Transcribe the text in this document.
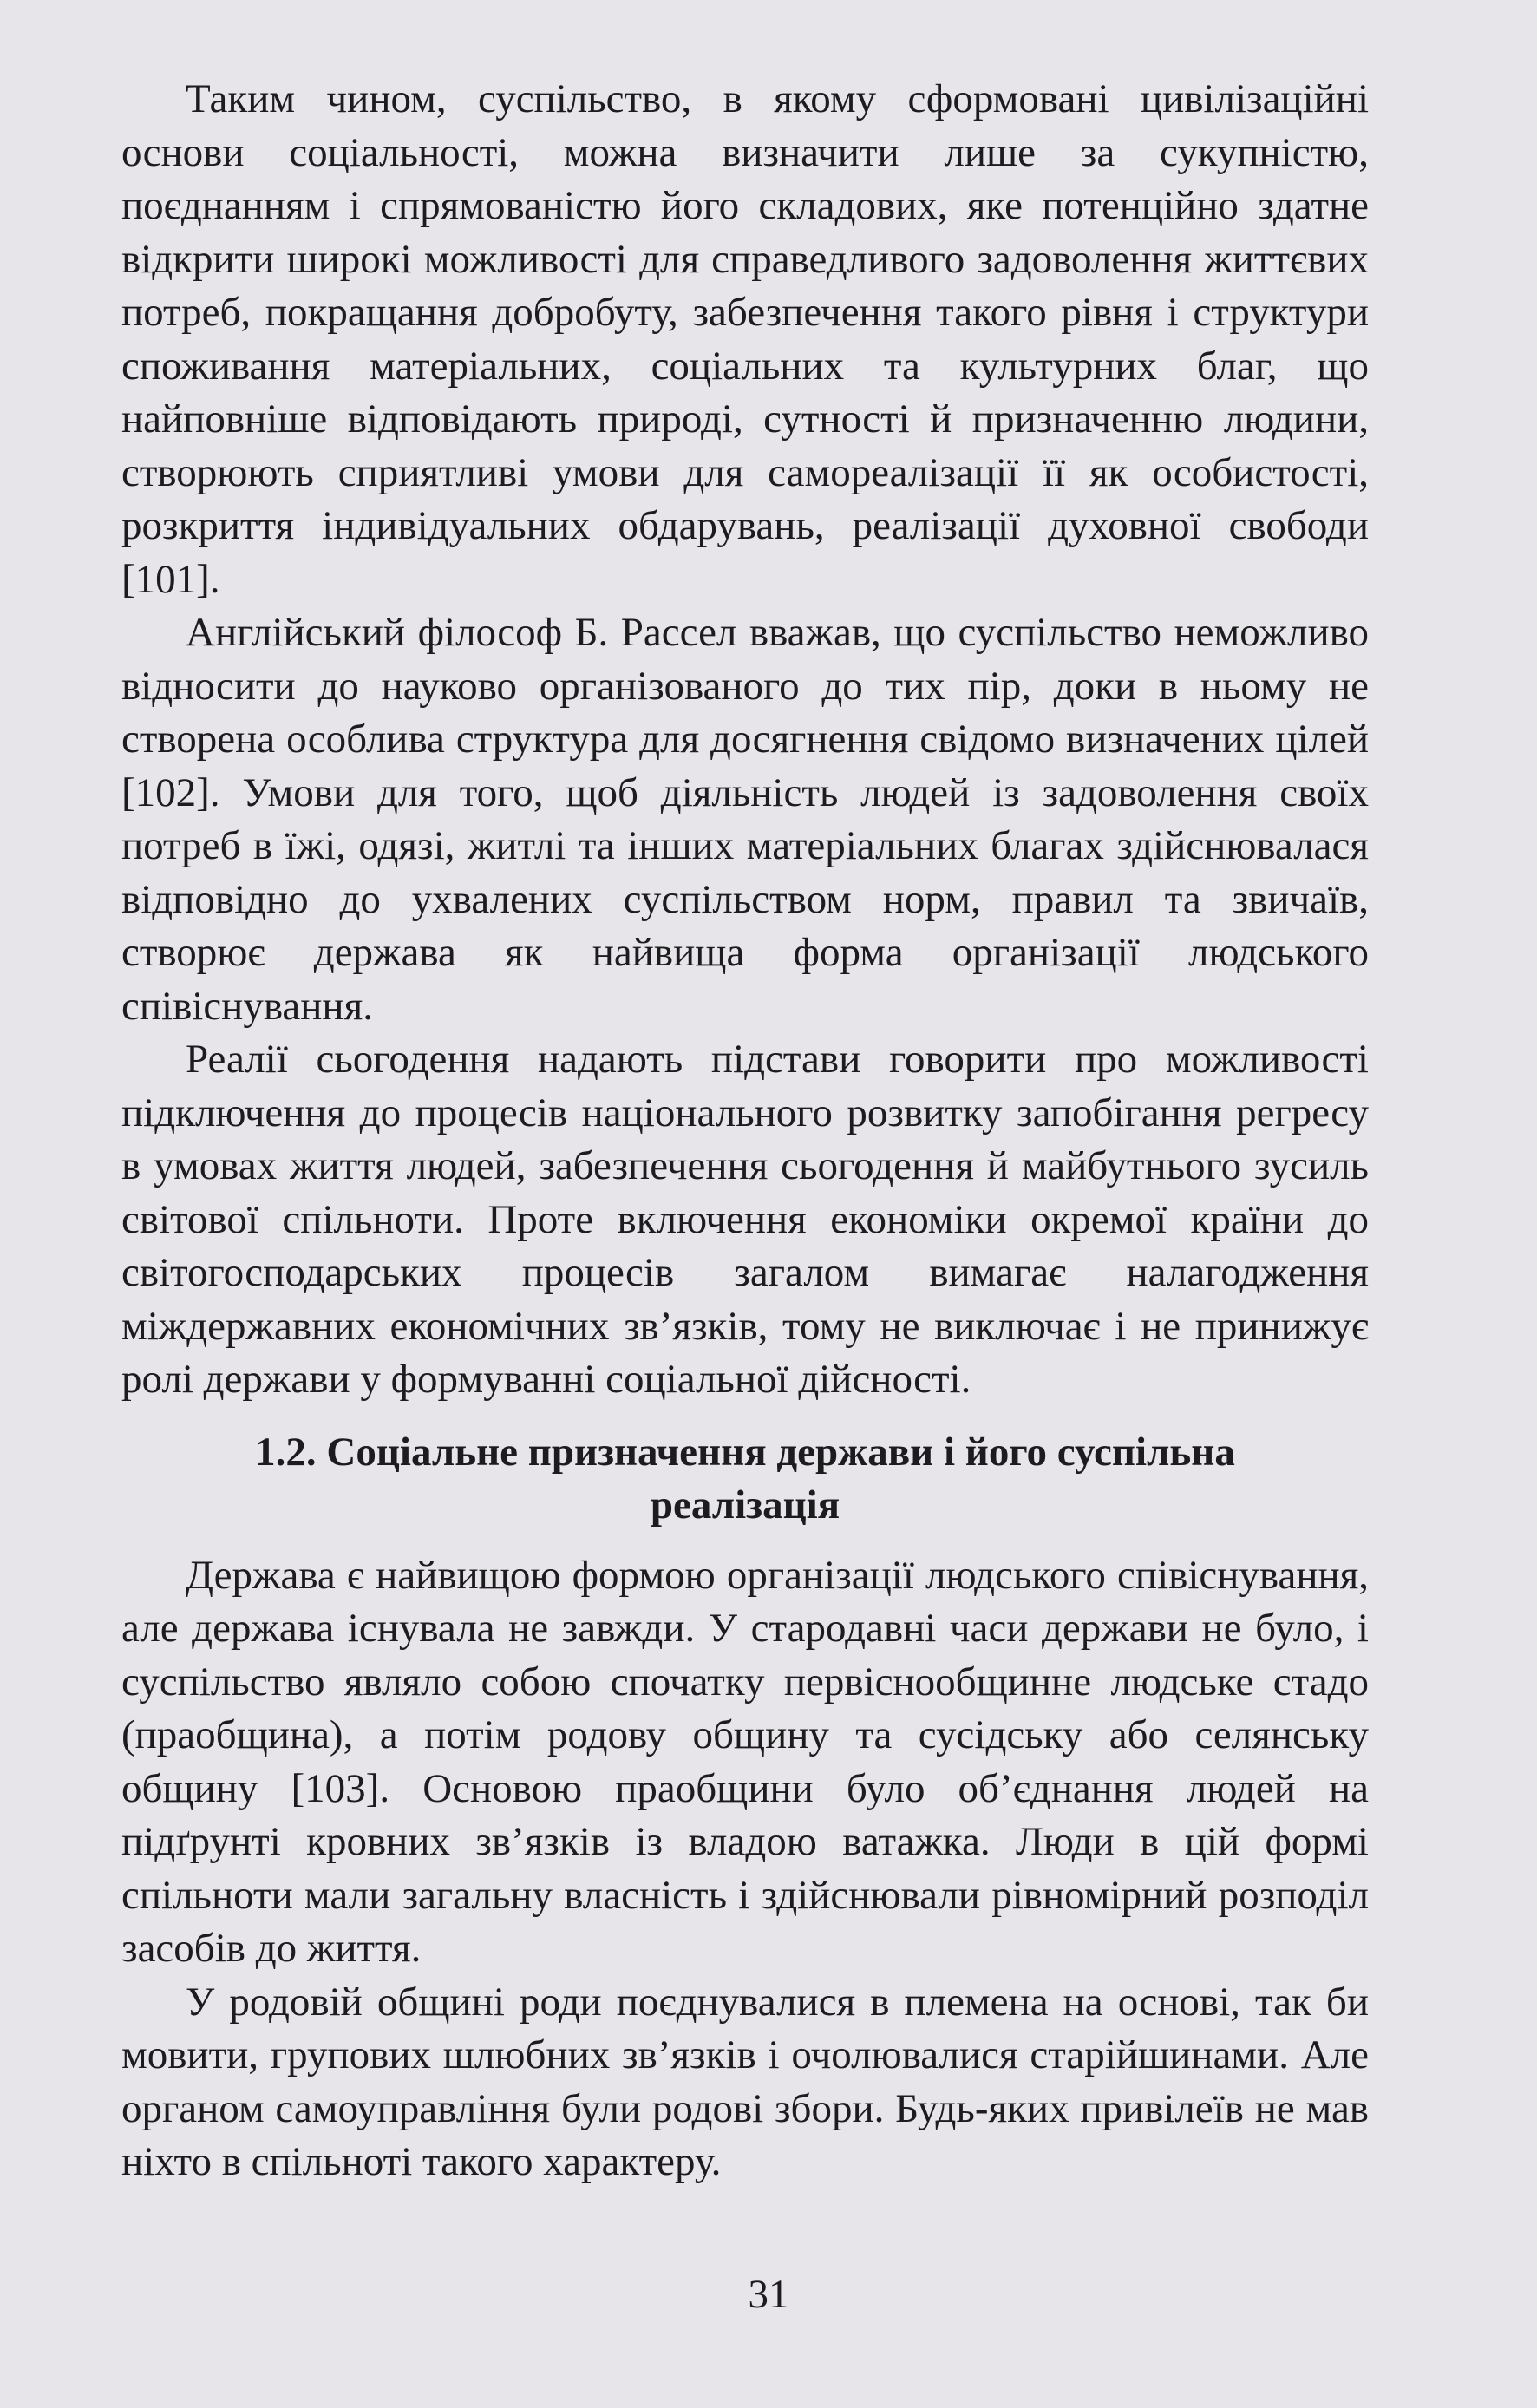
Таким чином, суспільство, в якому сформовані цивілізаційні основи соціальності, можна визначити лише за сукупністю, поєднанням і спрямованістю його складових, яке потенційно здатне відкрити широкі можливості для справедливого задоволення життєвих потреб, покращання добробуту, забезпечення такого рівня і структури споживання матеріальних, соціальних та культурних благ, що найповніше відповідають природі, сутності й призначенню людини, створюють сприятливі умови для самореалізації її як особистості, розкриття індивідуальних обдарувань, реалізації духовної свободи [101].

Англійський філософ Б. Рассел вважав, що суспільство неможливо відносити до науково організованого до тих пір, доки в ньому не створена особлива структура для досягнення свідомо визначених цілей [102]. Умови для того, щоб діяльність людей із задоволення своїх потреб в їжі, одязі, житлі та інших матеріальних благах здійснювалася відповідно до ухвалених суспільством норм, правил та звичаїв, створює держава як найвища форма організації людського співіснування.

Реалії сьогодення надають підстави говорити про можливості підключення до процесів національного розвитку запобігання регресу в умовах життя людей, забезпечення сьогодення й майбутнього зусиль світової спільноти. Проте включення економіки окремої країни до світогосподарських процесів загалом вимагає налагодження міждержавних економічних зв’язків, тому не виключає і не принижує ролі держави у формуванні соціальної дійсності.

1.2. Соціальне призначення держави і його суспільна
реалізація

Держава є найвищою формою організації людського співіснування, але держава існувала не завжди. У стародавні часи держави не було, і суспільство являло собою спочатку первіснообщинне людське стадо (праобщина), а потім родову общину та сусідську або селянську общину [103]. Основою праобщини було об’єднання людей на підґрунті кровних зв’язків із владою ватажка. Люди в цій формі спільноти мали загальну власність і здійснювали рівномірний розподіл засобів до життя.

У родовій общині роди поєднувалися в племена на основі, так би мовити, групових шлюбних зв’язків і очолювалися старійшинами. Але органом самоуправління були родові збори. Будь-яких привілеїв не мав ніхто в спільноті такого характеру.

31
